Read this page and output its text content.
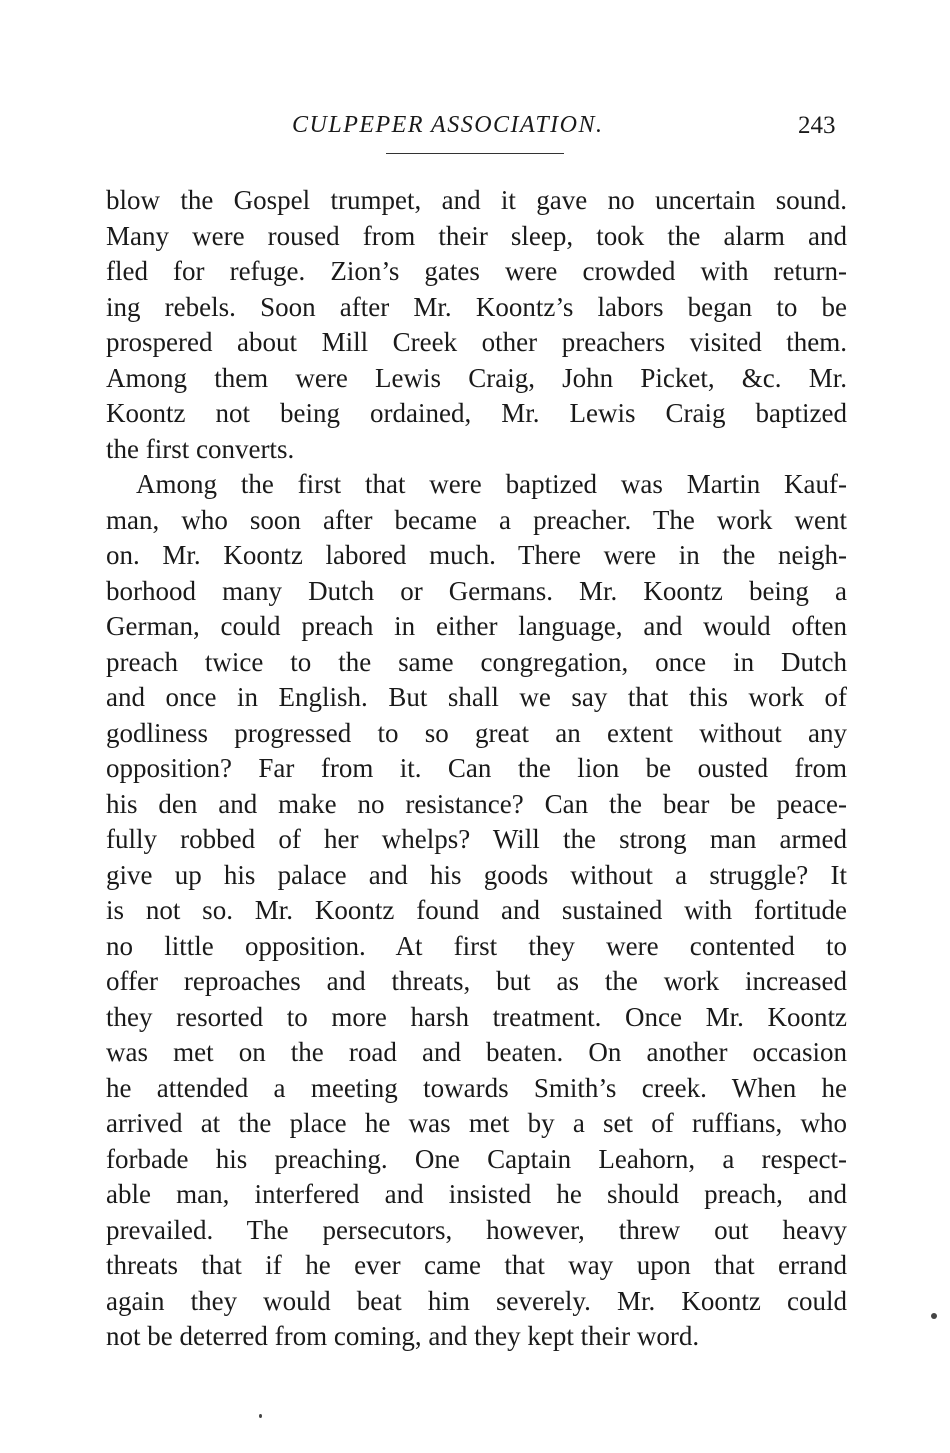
CULPEPER ASSOCIATION.	243
blow the Gospel trumpet, and it gave no uncertain sound.
Many were roused from their sleep, took the alarm and
fled for refuge. Zion’s gates were crowded with return-
ing rebels. Soon after Mr. Koontz’s labors began to be
prospered about Mill Creek other preachers visited them.
Among them were Lewis Craig, John Picket, &c. Mr.
Koontz not being ordained, Mr. Lewis Craig baptized
the first converts.
Among the first that were baptized was Martin Kauf-
man, who soon after became a preacher. The work went
on. Mr. Koontz labored much. There were in the neigh-
borhood many Dutch or Germans. Mr. Koontz being a
German, could preach in either language, and would often
preach twice to the same congregation, once in Dutch
and once in English. But shall we say that this work of
godliness progressed to so great an extent without any
opposition? Far from it. Can the lion be ousted from
his den and make no resistance? Can the bear be peace-
fully robbed of her whelps? Will the strong man armed
give up his palace and his goods without a struggle? It
is not so. Mr. Koontz found and sustained with fortitude
no little opposition. At first they were contented to
offer reproaches and threats, but as the work increased
they resorted to more harsh treatment. Once Mr. Koontz
was met on the road and beaten. On another occasion
he attended a meeting towards Smith’s creek. When he
arrived at the place he was met by a set of ruffians, who
forbade his preaching. One Captain Leahorn, a respect-
able man, interfered and insisted he should preach, and
prevailed. The persecutors, however, threw out heavy
threats that if he ever came that way upon that errand
again they would beat him severely. Mr. Koontz could
not be deterred from coming, and they kept their word.
